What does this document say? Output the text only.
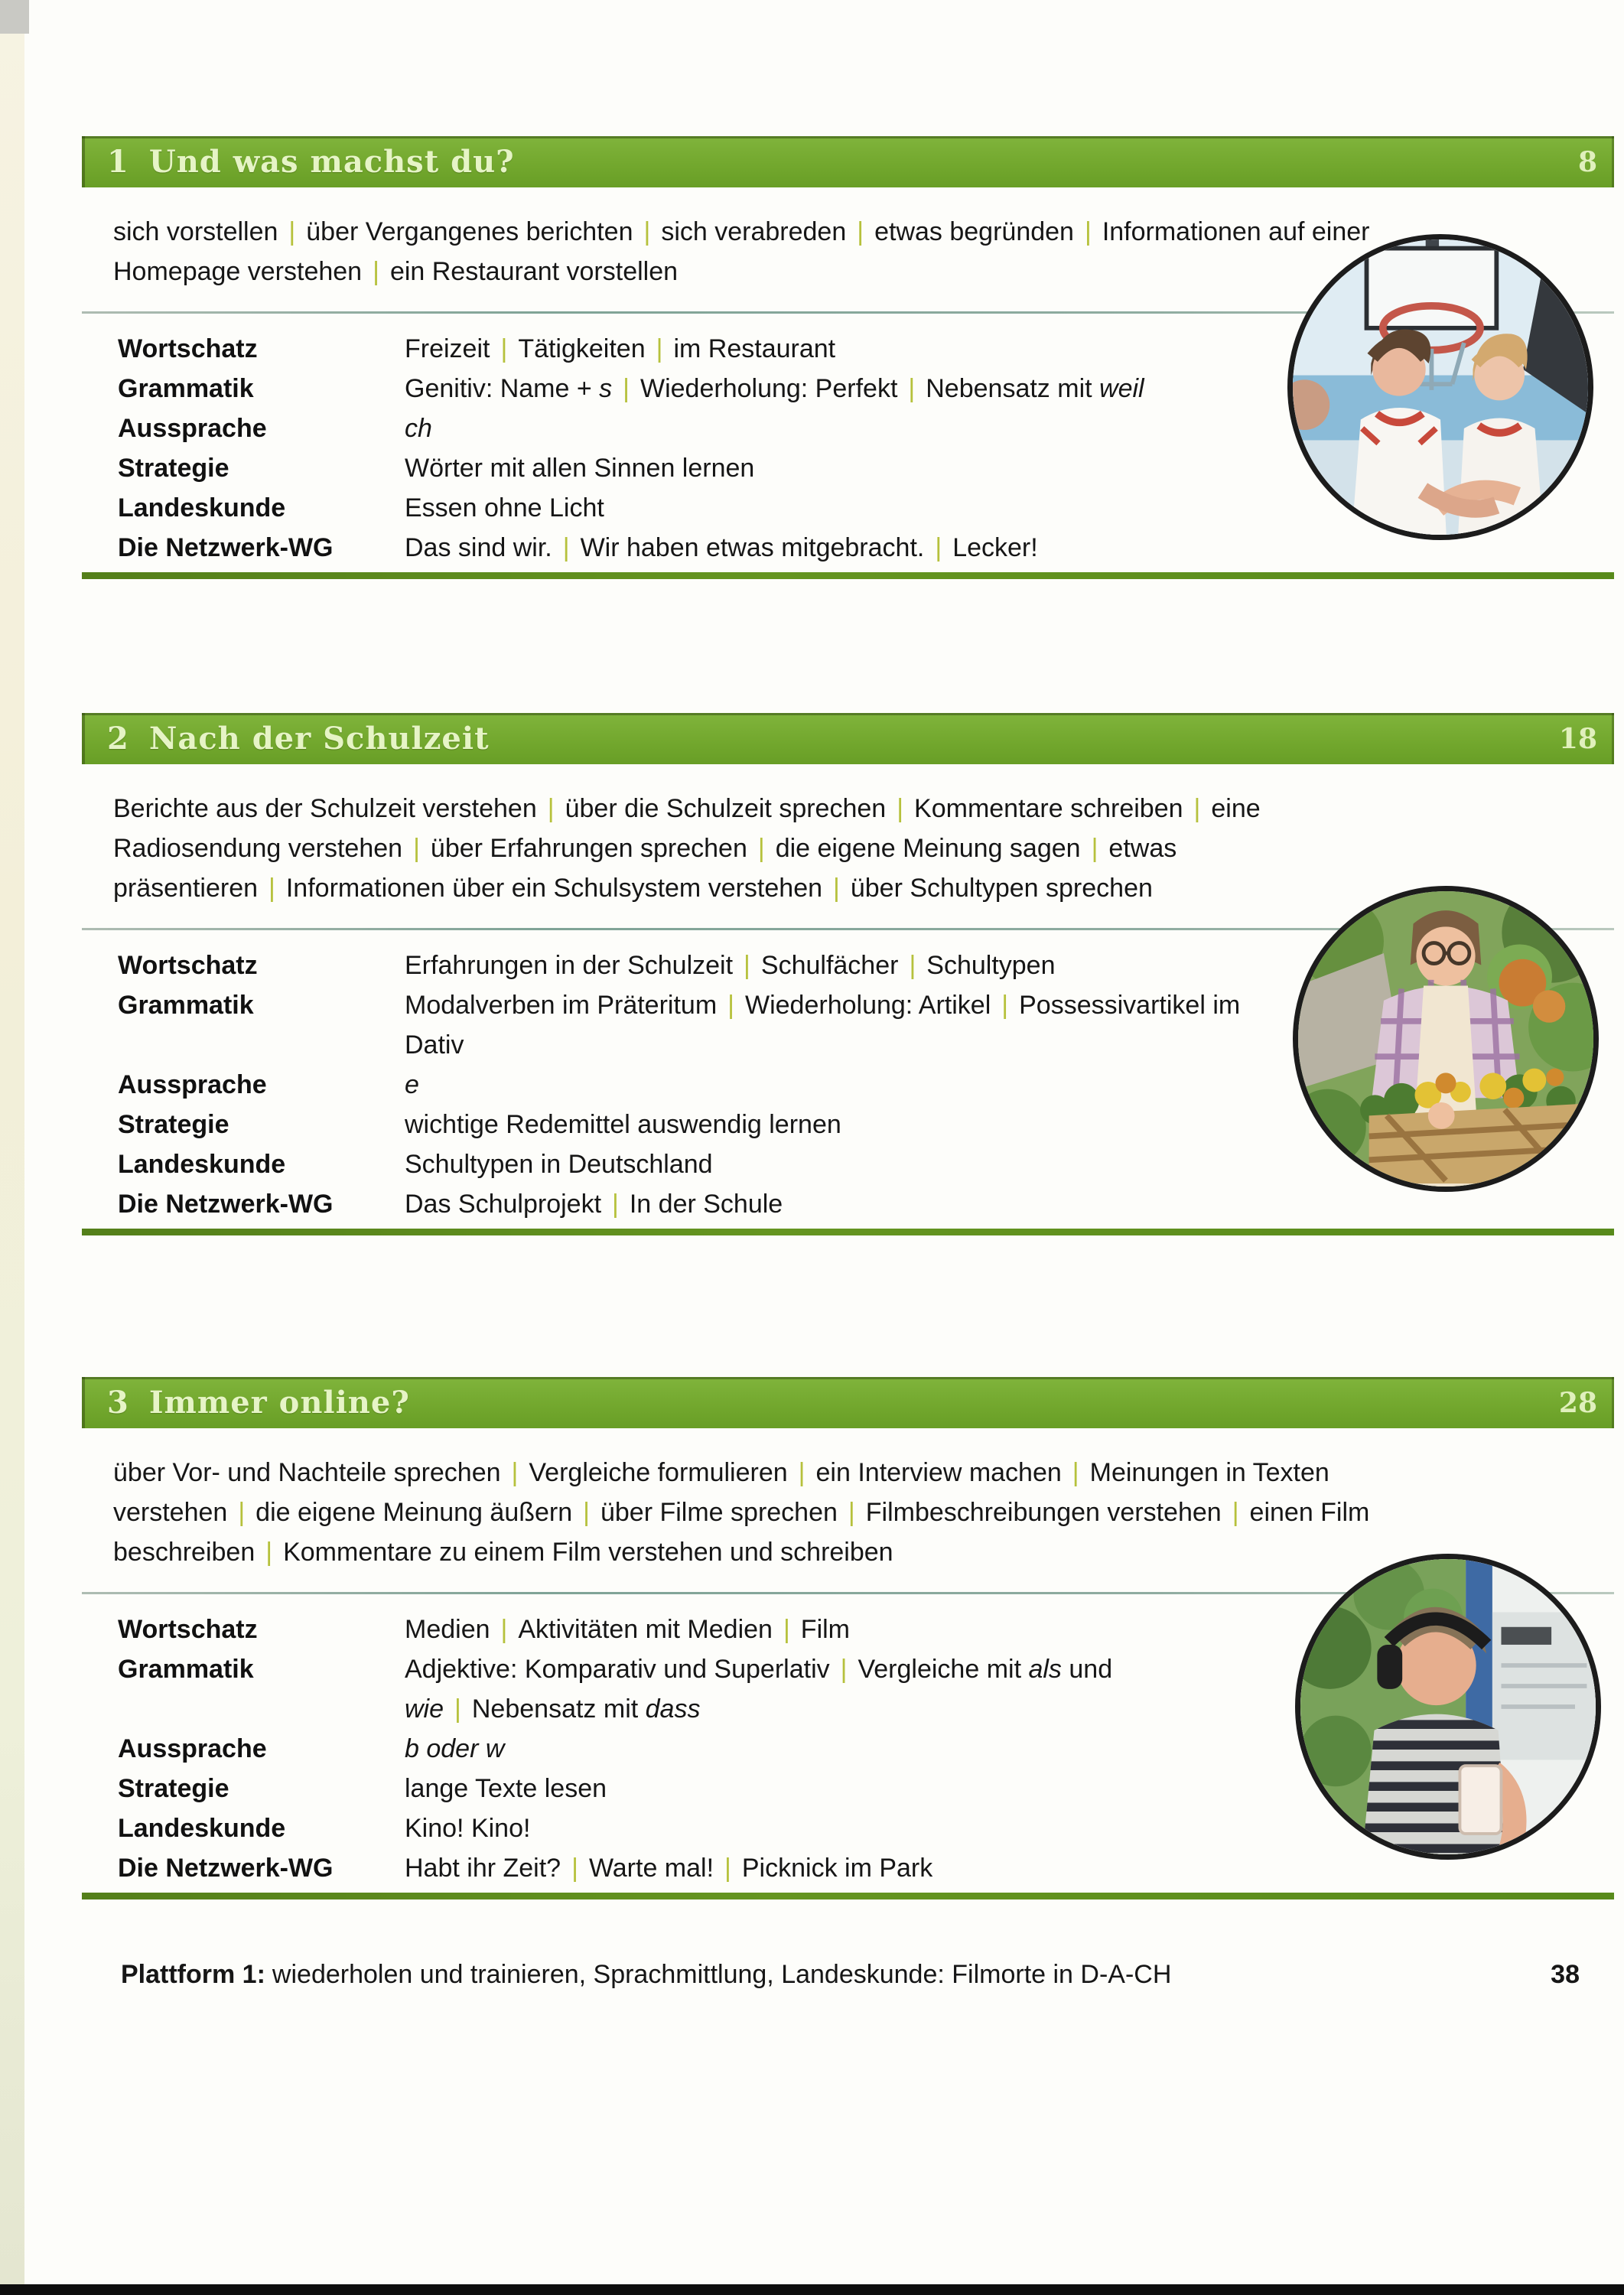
1 Und was machst du?	8
sich vorstellen | über Vergangenes berichten | sich verabreden | etwas begründen | Informationen auf einer Homepage verstehen | ein Restaurant vorstellen
Wortschatz	Freizeit | Tätigkeiten | im Restaurant
Grammatik	Genitiv: Name + s | Wiederholung: Perfekt | Nebensatz mit weil
Aussprache	ch
Strategie	Wörter mit allen Sinnen lernen
Landeskunde	Essen ohne Licht
Die Netzwerk-WG	Das sind wir. | Wir haben etwas mitgebracht. | Lecker!
2 Nach der Schulzeit	18
Berichte aus der Schulzeit verstehen | über die Schulzeit sprechen | Kommentare schreiben | eine Radiosendung verstehen | über Erfahrungen sprechen | die eigene Meinung sagen | etwas präsentieren | Informationen über ein Schulsystem verstehen | über Schultypen sprechen
Wortschatz	Erfahrungen in der Schulzeit | Schulfächer | Schultypen
Grammatik	Modalverben im Präteritum | Wiederholung: Artikel | Possessivartikel im Dativ
Aussprache	e
Strategie	wichtige Redemittel auswendig lernen
Landeskunde	Schultypen in Deutschland
Die Netzwerk-WG	Das Schulprojekt | In der Schule
3 Immer online?	28
über Vor- und Nachteile sprechen | Vergleiche formulieren | ein Interview machen | Meinungen in Texten verstehen | die eigene Meinung äußern | über Filme sprechen | Filmbeschreibungen verstehen | einen Film beschreiben | Kommentare zu einem Film verstehen und schreiben
Wortschatz	Medien | Aktivitäten mit Medien | Film
Grammatik	Adjektive: Komparativ und Superlativ | Vergleiche mit als und wie | Nebensatz mit dass
Aussprache	b oder w
Strategie	lange Texte lesen
Landeskunde	Kino! Kino!
Die Netzwerk-WG	Habt ihr Zeit? | Warte mal! | Picknick im Park
Plattform 1: wiederholen und trainieren, Sprachmittlung, Landeskunde: Filmorte in D-A-CH	38
